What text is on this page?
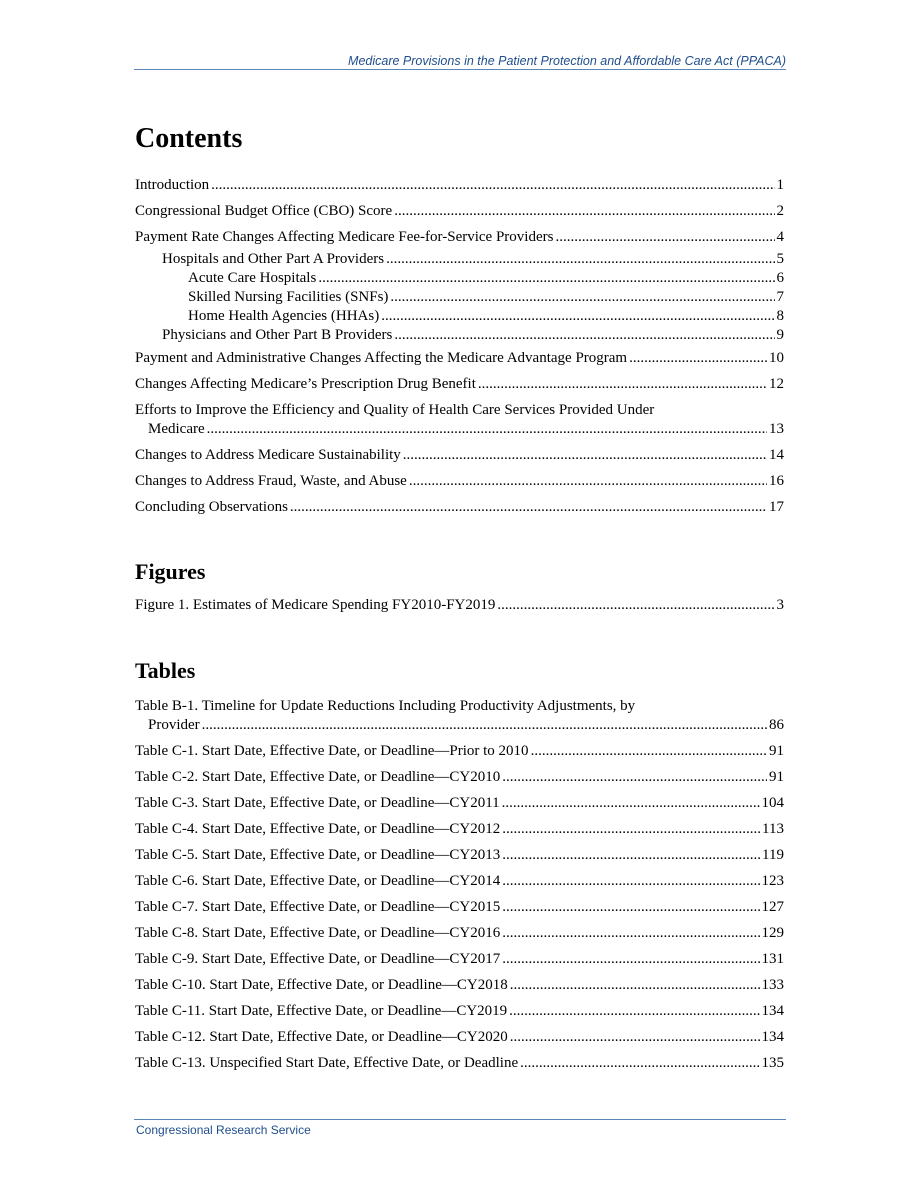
Medicare Provisions in the Patient Protection and Affordable Care Act (PPACA)
Contents
Introduction .....	1
Congressional Budget Office (CBO) Score .....	2
Payment Rate Changes Affecting Medicare Fee-for-Service Providers .....	4
Hospitals and Other Part A Providers .....	5
Acute Care Hospitals .....	6
Skilled Nursing Facilities (SNFs) .....	7
Home Health Agencies (HHAs) .....	8
Physicians and Other Part B Providers .....	9
Payment and Administrative Changes Affecting the Medicare Advantage Program .....	10
Changes Affecting Medicare’s Prescription Drug Benefit .....	12
Efforts to Improve the Efficiency and Quality of Health Care Services Provided Under
Medicare .....	13
Changes to Address Medicare Sustainability .....	14
Changes to Address Fraud, Waste, and Abuse .....	16
Concluding Observations .....	17
Figures
Figure 1. Estimates of Medicare Spending FY2010-FY2019 .....	3
Tables
Table B-1. Timeline for Update Reductions Including Productivity Adjustments, by
Provider .....	86
Table C-1. Start Date, Effective Date, or Deadline—Prior to 2010 .....	91
Table C-2. Start Date, Effective Date, or Deadline—CY2010 .....	91
Table C-3. Start Date, Effective Date, or Deadline—CY2011 .....	104
Table C-4. Start Date, Effective Date, or Deadline—CY2012 .....	113
Table C-5. Start Date, Effective Date, or Deadline—CY2013 .....	119
Table C-6. Start Date, Effective Date, or Deadline—CY2014 .....	123
Table C-7. Start Date, Effective Date, or Deadline—CY2015 .....	127
Table C-8. Start Date, Effective Date, or Deadline—CY2016 .....	129
Table C-9. Start Date, Effective Date, or Deadline—CY2017 .....	131
Table C-10. Start Date, Effective Date, or Deadline—CY2018 .....	133
Table C-11. Start Date, Effective Date, or Deadline—CY2019 .....	134
Table C-12. Start Date, Effective Date, or Deadline—CY2020 .....	134
Table C-13. Unspecified Start Date, Effective Date, or Deadline .....	135
Congressional Research Service
